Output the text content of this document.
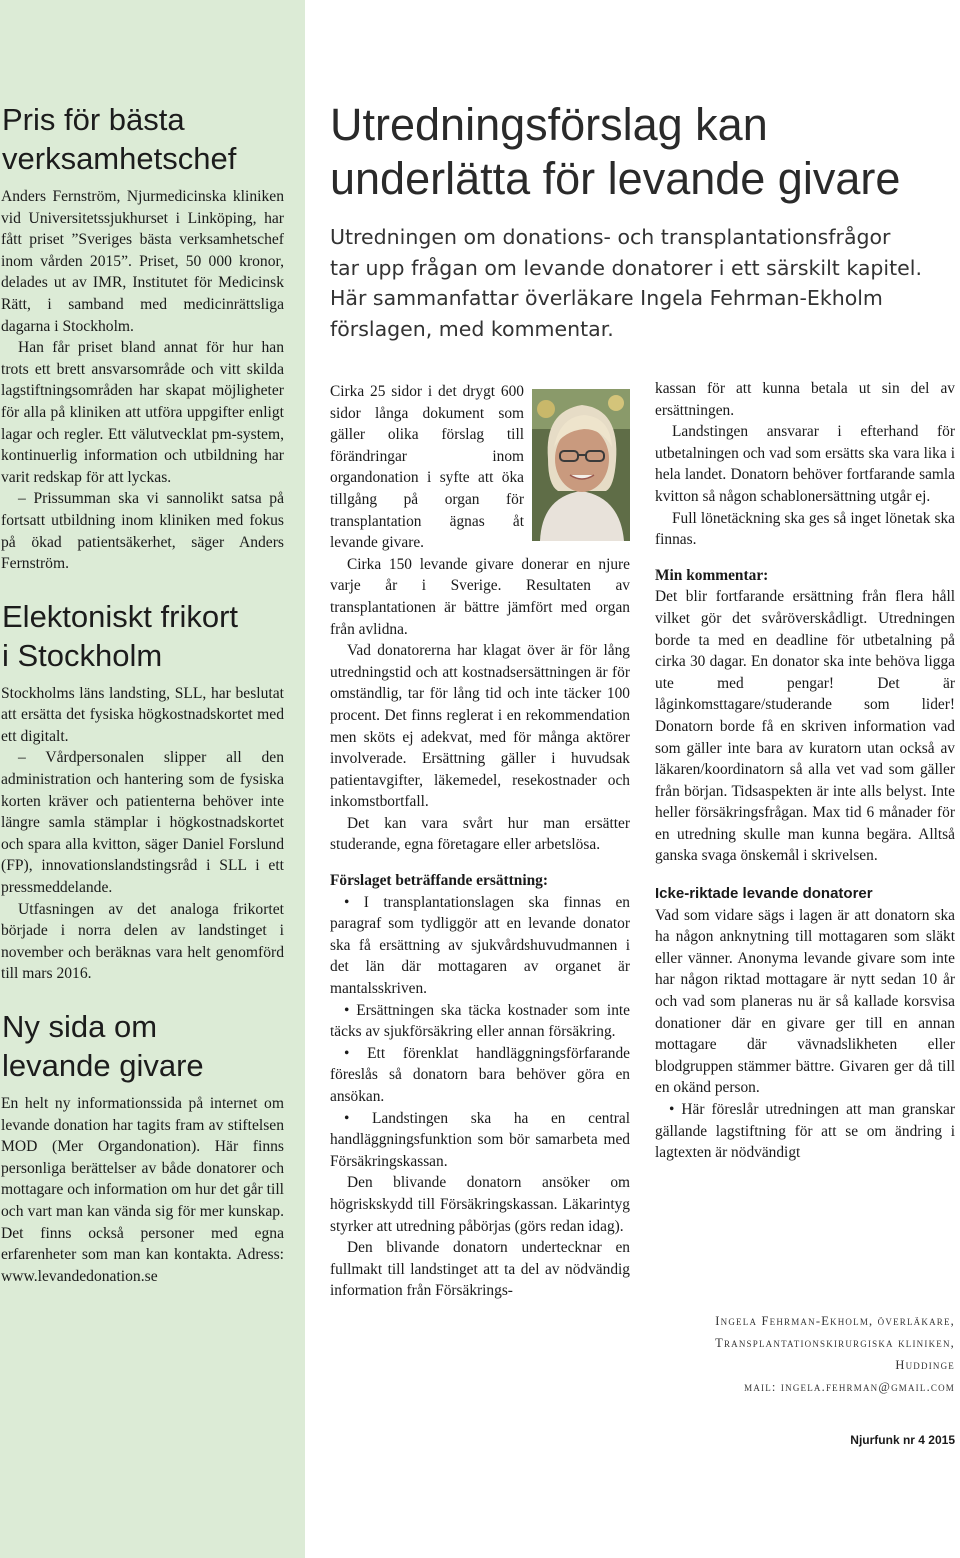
Pris för bästa
verksamhetschef

Anders Fernström, Njurmedicinska kliniken vid Universitetssjukhurset i Linköping, har fått priset ”Sveriges bästa verksamhetschef inom vården 2015”. Priset, 50 000 kronor, delades ut av IMR, Institutet för Medicinsk Rätt, i samband med medicinrättsliga dagarna i Stockholm.

Han får priset bland annat för hur han trots ett brett ansvarsområde och vitt skilda lagstiftningsområden har skapat möjligheter för alla på kliniken att utföra uppgifter enligt lagar och regler. Ett välutvecklat pm-system, kontinuerlig information och utbildning har varit redskap för att lyckas.

– Prissumman ska vi sannolikt satsa på fortsatt utbildning inom kliniken med fokus på ökad patientsäkerhet, säger Anders Fernström.

Elektoniskt frikort
i Stockholm

Stockholms läns landsting, SLL, har beslutat att ersätta det fysiska högkostnadskortet med ett digitalt.

– Vårdpersonalen slipper all den administration och hantering som de fysiska korten kräver och patienterna behöver inte längre samla stämplar i högkostnadskortet och spara alla kvitton, säger Daniel Forslund (FP), innovationslandstingsråd i SLL i ett pressmeddelande.

Utfasningen av det analoga frikortet började i norra delen av landstinget i november och beräknas vara helt genomförd till mars 2016.

Ny sida om
levande givare

En helt ny informationssida på internet om levande donation har tagits fram av stiftelsen MOD (Mer Organdonation). Här finns personliga berättelser av både donatorer och mottagare och information om hur det går till och vart man kan vända sig för mer kunskap. Det finns också personer med egna erfarenheter som man kan kontakta. Adress: www.levandedonation.se

Utredningsförslag kan
underlätta för levande givare
Utredningen om donations- och transplantationsfrågor
tar upp frågan om levande donatorer i ett särskilt kapitel.
Här sammanfattar överläkare Ingela Fehrman-Ekholm
förslagen, med kommentar.

Cirka 25 sidor i det drygt 600 sidor långa dokument som gäller olika förslag till förändringar inom organdonation i syfte att öka tillgång på organ för transplantation ägnas åt levande givare.

Cirka 150 levande givare donerar en njure varje år i Sverige. Resultaten av transplantationen är bättre jämfört med organ från avlidna.

Vad donatorerna har klagat över är för lång utredningstid och att kostnadsersättningen är för omständlig, tar för lång tid och inte täcker 100 procent. Det finns reglerat i en rekommendation men sköts ej adekvat, med för många aktörer involverade. Ersättning gäller i huvudsak patientavgifter, läkemedel, resekostnader och inkomstbortfall.

Det kan vara svårt hur man ersätter studerande, egna företagare eller arbetslösa.

Förslaget beträffande ersättning:

• I transplantationslagen ska finnas en paragraf som tydliggör att en levande donator ska få ersättning av sjukvårdshuvudmannen i det län där mottagaren av organet är mantalsskriven.

• Ersättningen ska täcka kostnader som inte täcks av sjukförsäkring eller annan försäkring.

• Ett förenklat handläggningsförfarande föreslås så donatorn bara behöver göra en ansökan.

• Landstingen ska ha en central handläggningsfunktion som bör samarbeta med Försäkringskassan.

Den blivande donatorn ansöker om högriskskydd till Försäkringskassan. Läkarintyg styrker att utredning påbörjas (görs redan idag).

Den blivande donatorn undertecknar en fullmakt till landstinget att ta del av nödvändig information från Försäkrings-

kassan för att kunna betala ut sin del av ersättningen.

Landstingen ansvarar i efterhand för utbetalningen och vad som ersätts ska vara lika i hela landet. Donatorn behöver fortfarande samla kvitton så någon schablonersättning utgår ej.

Full lönetäckning ska ges så inget lönetak ska finnas.

Min kommentar:

Det blir fortfarande ersättning från flera håll vilket gör det svåröverskådligt. Utredningen borde ta med en deadline för utbetalning på cirka 30 dagar. En donator ska inte behöva ligga ute med pengar! Det är låginkomsttagare/studerande som lider! Donatorn borde få en skriven information vad som gäller inte bara av kuratorn utan också av läkaren/koordinatorn så alla vet vad som gäller från början. Tidsaspekten är inte alls belyst. Inte heller försäkringsfrågan. Max tid 6 månader för en utredning skulle man kunna begära. Alltså ganska svaga önskemål i skrivelsen.

Icke-riktade levande donatorer

Vad som vidare sägs i lagen är att donatorn ska ha någon anknytning till mottagaren som släkt eller vänner. Anonyma levande givare som inte har någon riktad mottagare är nytt sedan 10 år och vad som planeras nu är så kallade korsvisa donationer där en givare ger till en annan mottagare där vävnadslikheten eller blodgruppen stämmer bättre. Givaren ger då till en okänd person.

• Här föreslår utredningen att man granskar gällande lagstiftning för att se om ändring i lagtexten är nödvändigt

Ingela Fehrman-Ekholm, överläkare,
Transplantationskirurgiska kliniken,
Huddinge
mail: ingela.fehrman@gmail.com
Njurfunk nr 4 2015
